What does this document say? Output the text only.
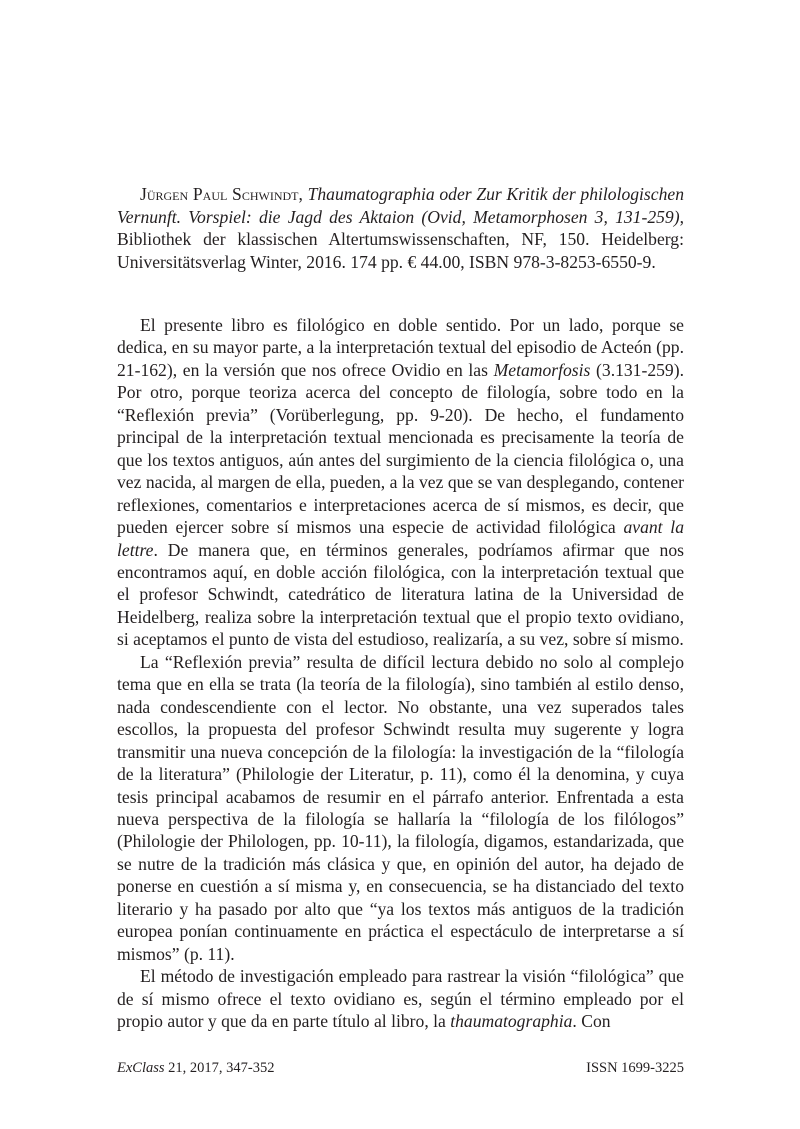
Jürgen Paul Schwindt, Thaumatographia oder Zur Kritik der philologischen Vernunft. Vorspiel: die Jagd des Aktaion (Ovid, Metamorphosen 3, 131-259), Bibliothek der klassischen Altertumswissenschaften, NF, 150. Heidelberg: Universitätsverlag Winter, 2016. 174 pp. € 44.00, ISBN 978-3-8253-6550-9.

El presente libro es filológico en doble sentido. Por un lado, porque se dedica, en su mayor parte, a la interpretación textual del episodio de Acteón (pp. 21-162), en la versión que nos ofrece Ovidio en las Metamorfosis (3.131-259). Por otro, porque teoriza acerca del concepto de filología, sobre todo en la “Reflexión previa” (Vorüberlegung, pp. 9-20). De hecho, el fundamento principal de la interpretación textual mencionada es precisamente la teoría de que los textos antiguos, aún antes del surgimiento de la ciencia filológica o, una vez nacida, al margen de ella, pueden, a la vez que se van desplegando, contener reflexiones, comentarios e interpretaciones acerca de sí mismos, es decir, que pueden ejercer sobre sí mismos una especie de actividad filológica avant la lettre. De manera que, en términos generales, podríamos afirmar que nos encontramos aquí, en doble acción filológica, con la interpretación textual que el profesor Schwindt, catedrático de literatura latina de la Universidad de Heidelberg, realiza sobre la interpretación textual que el propio texto ovidiano, si aceptamos el punto de vista del estudioso, realizaría, a su vez, sobre sí mismo.

La “Reflexión previa” resulta de difícil lectura debido no solo al complejo tema que en ella se trata (la teoría de la filología), sino también al estilo denso, nada condescendiente con el lector. No obstante, una vez superados tales escollos, la propuesta del profesor Schwindt resulta muy sugerente y logra transmitir una nueva concepción de la filología: la investigación de la “filología de la literatura” (Philologie der Literatur, p. 11), como él la denomina, y cuya tesis principal acabamos de resumir en el párrafo anterior. Enfrentada a esta nueva perspectiva de la filología se hallaría la “filología de los filólogos” (Philologie der Philologen, pp. 10-11), la filología, digamos, estandarizada, que se nutre de la tradición más clásica y que, en opinión del autor, ha dejado de ponerse en cuestión a sí misma y, en consecuencia, se ha distanciado del texto literario y ha pasado por alto que “ya los textos más antiguos de la tradición europea ponían continuamente en práctica el espectáculo de interpretarse a sí mismos” (p. 11).

El método de investigación empleado para rastrear la visión “filológica” que de sí mismo ofrece el texto ovidiano es, según el término empleado por el propio autor y que da en parte título al libro, la thaumatographia. Con

ExClass 21, 2017, 347-352	ISSN 1699-3225
